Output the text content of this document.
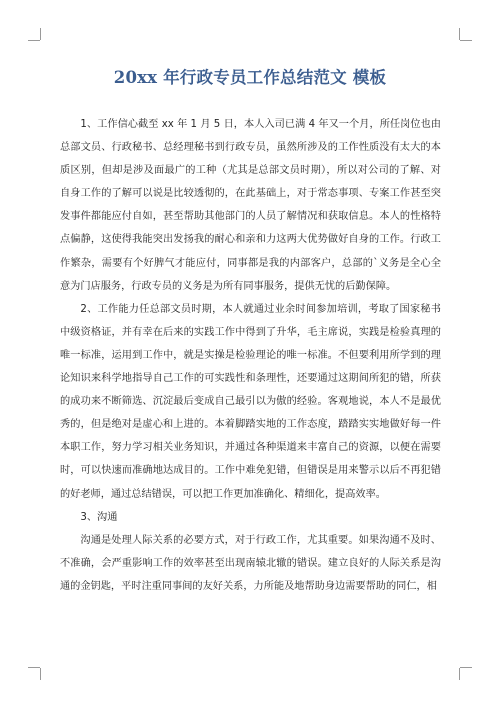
20xx 年行政专员工作总结范文 模板

1、工作信心截至 xx 年 1 月 5 日，本人入司已满 4 年又一个月，所任岗位也由总部文员、行政秘书、总经理秘书到行政专员，虽然所涉及的工作性质没有太大的本质区别，但却是涉及面最广的工种（尤其是总部文员时期），所以对公司的了解、对自身工作的了解可以说是比较透彻的，在此基础上，对于常态事项、专案工作甚至突发事件都能应付自如，甚至帮助其他部门的人员了解情况和获取信息。本人的性格特点偏静，这使得我能突出发扬我的耐心和亲和力这两大优势做好自身的工作。行政工作繁杂，需要有个好脾气才能应付，同事都是我的内部客户，总部的`义务是全心全意为门店服务，行政专员的义务是为所有同事服务，提供无忧的后勤保障。

2、工作能力任总部文员时期，本人就通过业余时间参加培训，考取了国家秘书中级资格证，并有幸在后来的实践工作中得到了升华，毛主席说，实践是检验真理的唯一标准，运用到工作中，就是实操是检验理论的唯一标准。不但要利用所学到的理论知识来科学地指导自己工作的可实践性和条理性，还要通过这期间所犯的错，所获的成功来不断筛选、沉淀最后变成自己最引以为傲的经验。客观地说，本人不是最优秀的，但是绝对是虚心和上进的。本着脚踏实地的工作态度，踏踏实实地做好每一件本职工作，努力学习相关业务知识，并通过各种渠道来丰富自己的资源，以便在需要时，可以快速而准确地达成目的。工作中难免犯错，但错误是用来警示以后不再犯错的好老师，通过总结错误，可以把工作更加准确化、精细化，提高效率。

3、沟通

沟通是处理人际关系的必要方式，对于行政工作，尤其重要。如果沟通不及时、不准确，会严重影响工作的效率甚至出现南辕北辙的错误。建立良好的人际关系是沟通的金钥匙，平时注重同事间的友好关系，力所能及地帮助身边需要帮助的同仁，相
